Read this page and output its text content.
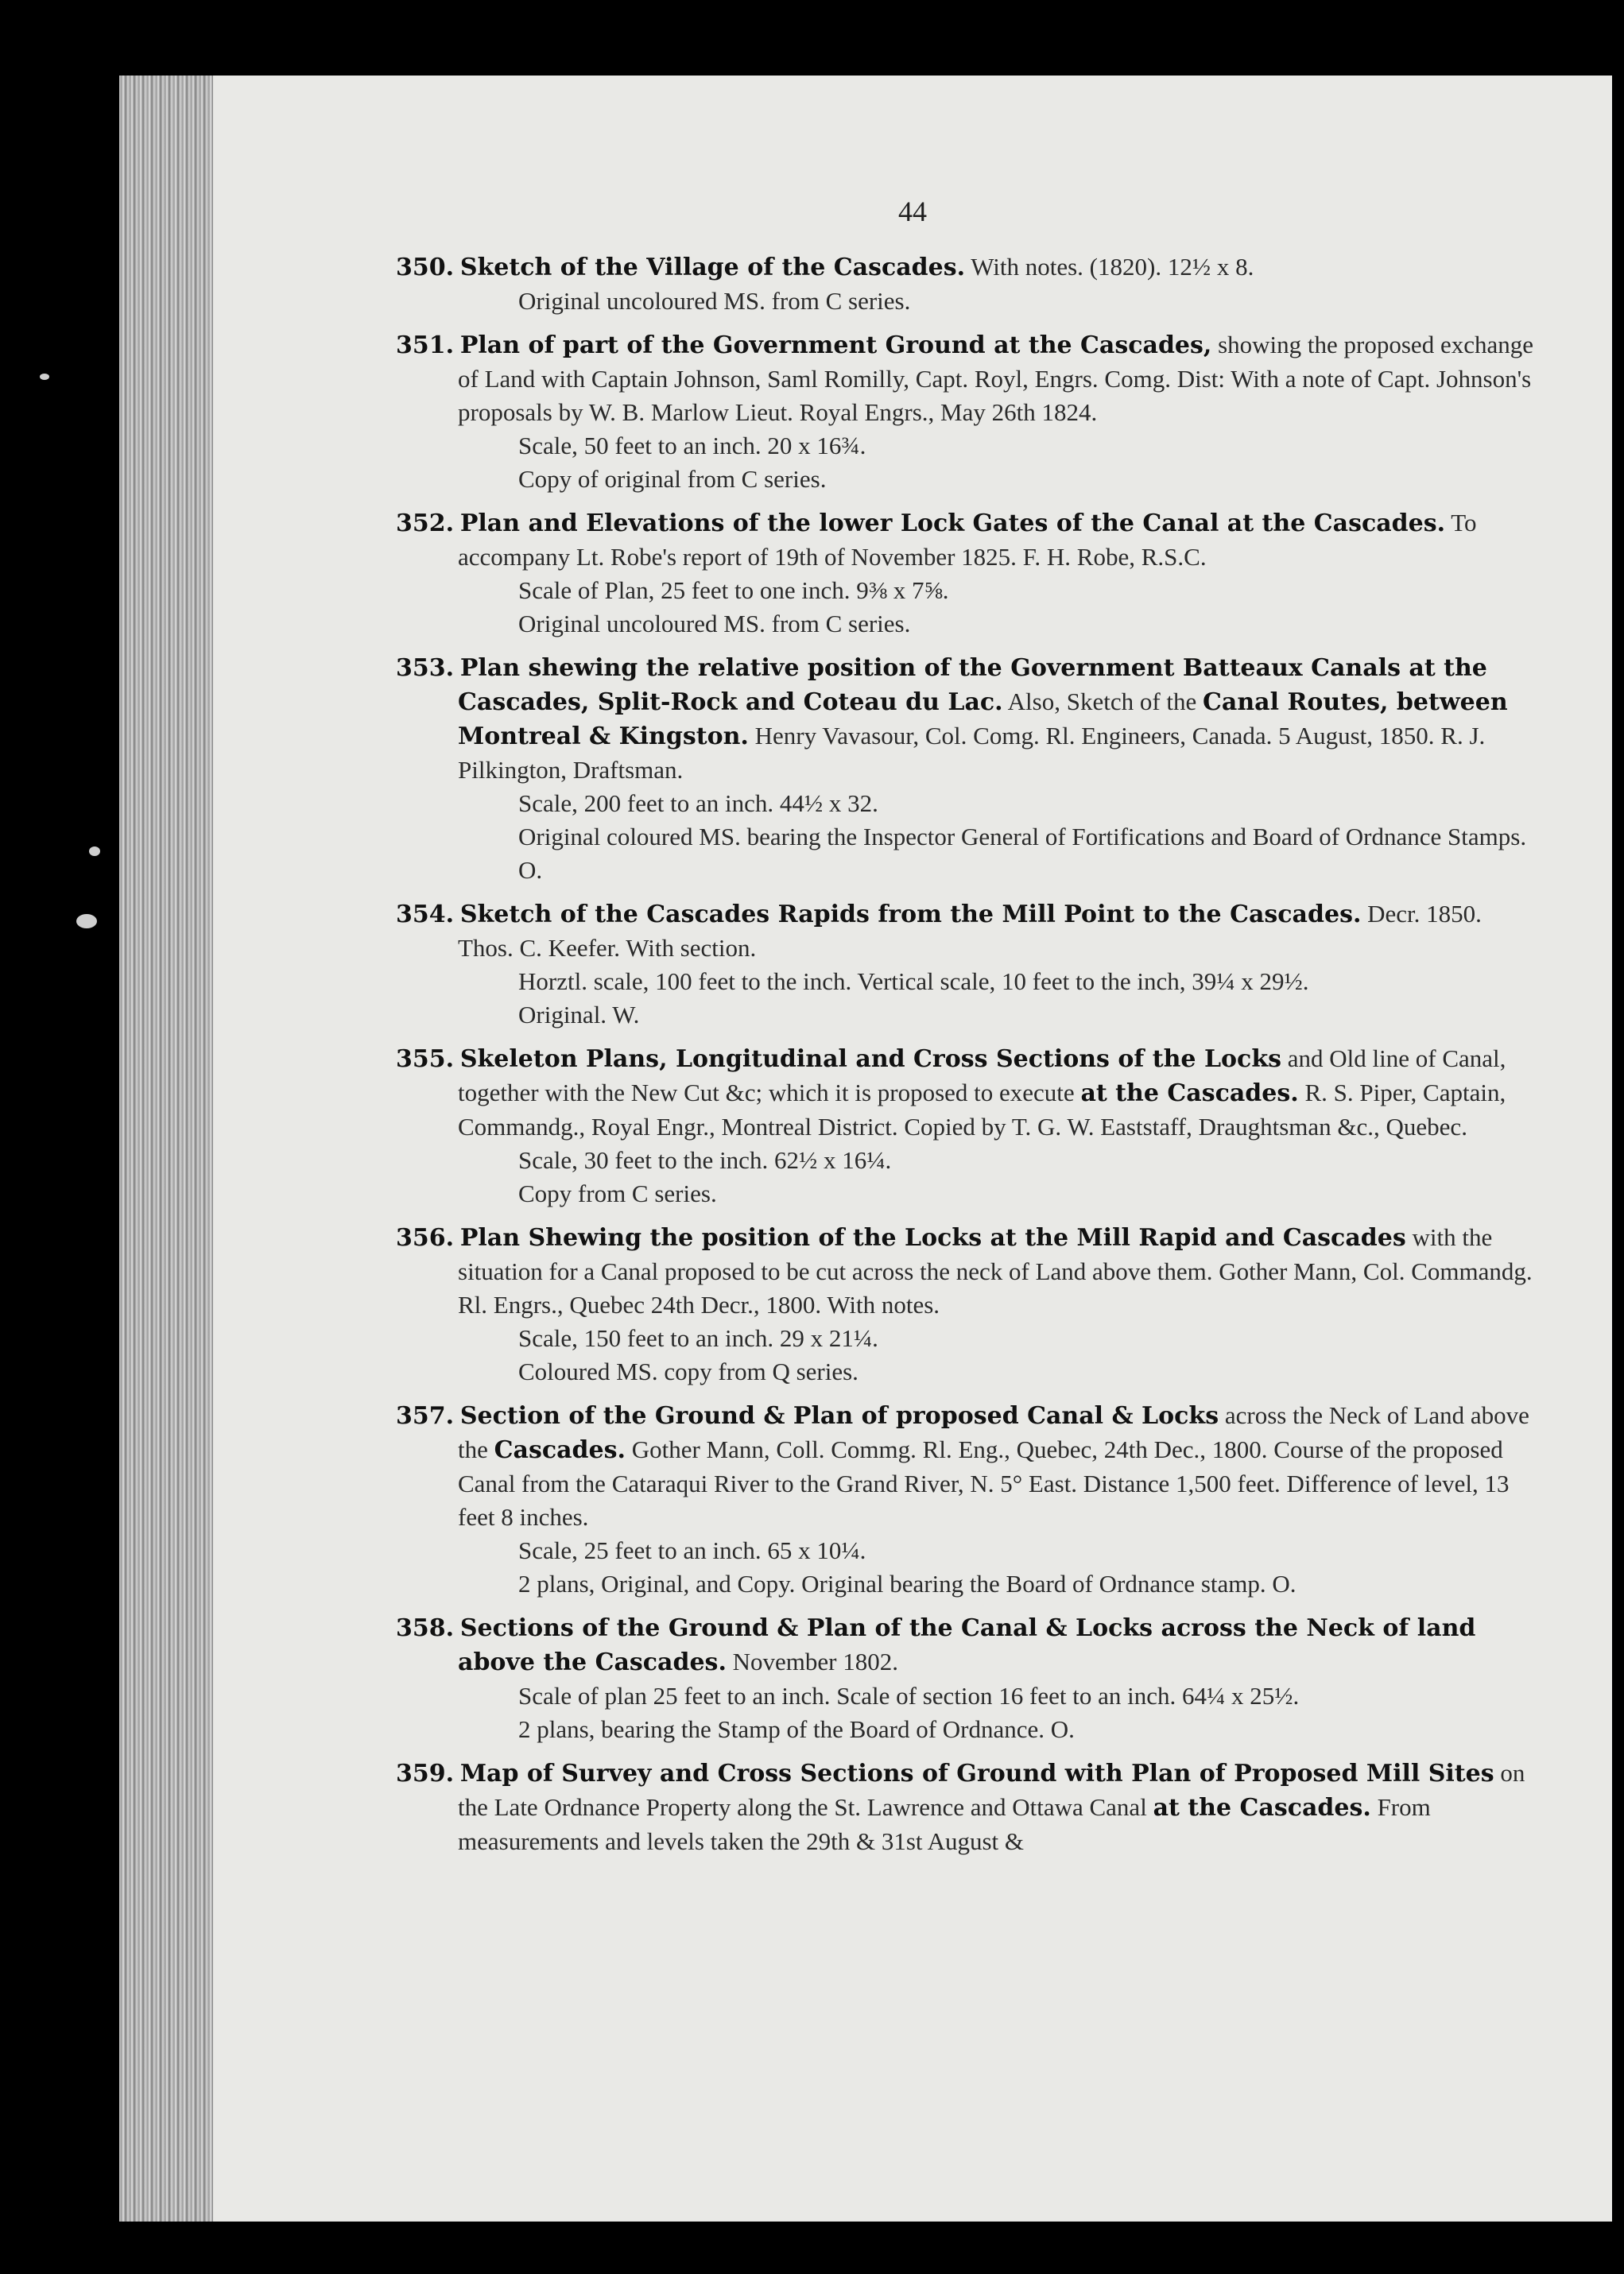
44

350. Sketch of the Village of the Cascades. With notes. (1820). 12½ x 8.

Original uncoloured MS. from C series.

351. Plan of part of the Government Ground at the Cascades, showing the proposed exchange of Land with Captain Johnson, Saml Romilly, Capt. Royl, Engrs. Comg. Dist: With a note of Capt. Johnson's proposals by W. B. Marlow Lieut. Royal Engrs., May 26th 1824.

Scale, 50 feet to an inch. 20 x 16¾.

Copy of original from C series.

352. Plan and Elevations of the lower Lock Gates of the Canal at the Cascades. To accompany Lt. Robe's report of 19th of November 1825. F. H. Robe, R.S.C.

Scale of Plan, 25 feet to one inch. 9⅜ x 7⅝.

Original uncoloured MS. from C series.

353. Plan shewing the relative position of the Government Batteaux Canals at the Cascades, Split-Rock and Coteau du Lac. Also, Sketch of the Canal Routes, between Montreal & Kingston. Henry Vavasour, Col. Comg. Rl. Engineers, Canada. 5 August, 1850. R. J. Pilkington, Draftsman.

Scale, 200 feet to an inch. 44½ x 32.

Original coloured MS. bearing the Inspector General of Fortifications and Board of Ordnance Stamps. O.

354. Sketch of the Cascades Rapids from the Mill Point to the Cascades. Decr. 1850. Thos. C. Keefer. With section.

Horztl. scale, 100 feet to the inch. Vertical scale, 10 feet to the inch, 39¼ x 29½.

Original. W.

355. Skeleton Plans, Longitudinal and Cross Sections of the Locks and Old line of Canal, together with the New Cut &c; which it is proposed to execute at the Cascades. R. S. Piper, Captain, Commandg., Royal Engr., Montreal District. Copied by T. G. W. Eaststaff, Draughtsman &c., Quebec.

Scale, 30 feet to the inch. 62½ x 16¼.

Copy from C series.

356. Plan Shewing the position of the Locks at the Mill Rapid and Cascades with the situation for a Canal proposed to be cut across the neck of Land above them. Gother Mann, Col. Commandg. Rl. Engrs., Quebec 24th Decr., 1800. With notes.

Scale, 150 feet to an inch. 29 x 21¼.

Coloured MS. copy from Q series.

357. Section of the Ground & Plan of proposed Canal & Locks across the Neck of Land above the Cascades. Gother Mann, Coll. Commg. Rl. Eng., Quebec, 24th Dec., 1800. Course of the proposed Canal from the Cataraqui River to the Grand River, N. 5° East. Distance 1,500 feet. Difference of level, 13 feet 8 inches.

Scale, 25 feet to an inch. 65 x 10¼.

2 plans, Original, and Copy. Original bearing the Board of Ordnance stamp. O.

358. Sections of the Ground & Plan of the Canal & Locks across the Neck of land above the Cascades. November 1802.

Scale of plan 25 feet to an inch. Scale of section 16 feet to an inch. 64¼ x 25½.

2 plans, bearing the Stamp of the Board of Ordnance. O.

359. Map of Survey and Cross Sections of Ground with Plan of Proposed Mill Sites on the Late Ordnance Property along the St. Lawrence and Ottawa Canal at the Cascades. From measurements and levels taken the 29th & 31st August &
